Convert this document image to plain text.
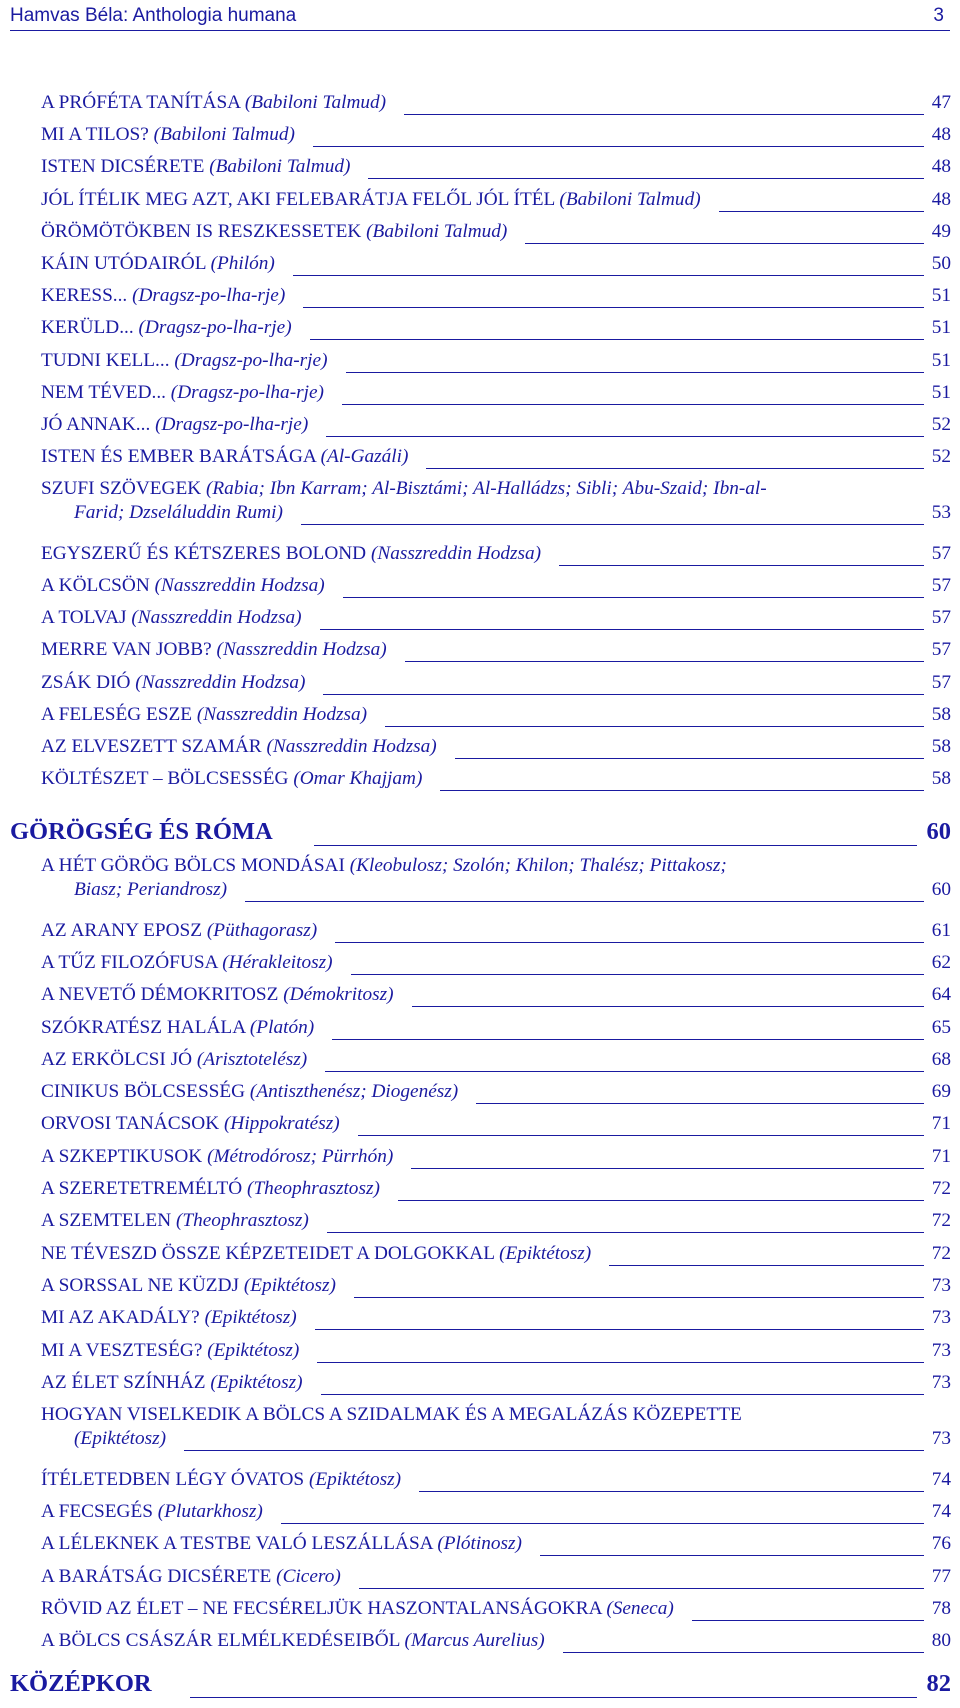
Hamvas Béla: Anthologia humana	3
GÖRÖGSÉG ÉS RÓMA	60
KÖZÉPKOR	82
A PRÓFÉTA TANÍTÁSA (Babiloni Talmud)	47
MI A TILOS? (Babiloni Talmud)	48
ISTEN DICSÉRETE (Babiloni Talmud)	48
JÓL ÍTÉLIK MEG AZT, AKI FELEBARÁTJA FELŐL JÓL ÍTÉL (Babiloni Talmud)	48
ÖRÖMÖTÖKBEN IS RESZKESSETEK (Babiloni Talmud)	49
KÁIN UTÓDAIRÓL (Philón)	50
KERESS... (Dragsz-po-lha-rje)	51
KERÜLD... (Dragsz-po-lha-rje)	51
TUDNI KELL... (Dragsz-po-lha-rje)	51
NEM TÉVED... (Dragsz-po-lha-rje)	51
JÓ ANNAK... (Dragsz-po-lha-rje)	52
ISTEN ÉS EMBER BARÁTSÁGA (Al-Gazáli)	52
SZUFI SZÖVEGEK (Rabia; Ibn Karram; Al-Bisztámi; Al-Halládzs; Sibli; Abu-Szaid; Ibn-al-
Farid; Dzseláluddin Rumi)	53
EGYSZERŰ ÉS KÉTSZERES BOLOND (Nasszreddin Hodzsa)	57
A KÖLCSÖN (Nasszreddin Hodzsa)	57
A TOLVAJ (Nasszreddin Hodzsa)	57
MERRE VAN JOBB? (Nasszreddin Hodzsa)	57
ZSÁK DIÓ (Nasszreddin Hodzsa)	57
A FELESÉG ESZE (Nasszreddin Hodzsa)	58
AZ ELVESZETT SZAMÁR (Nasszreddin Hodzsa)	58
KÖLTÉSZET – BÖLCSESSÉG (Omar Khajjam)	58
A HÉT GÖRÖG BÖLCS MONDÁSAI (Kleobulosz; Szolón; Khilon; Thalész; Pittakosz;
Biasz; Periandrosz)	60
AZ ARANY EPOSZ (Püthagorasz)	61
A TŰZ FILOZÓFUSA (Hérakleitosz)	62
A NEVETŐ DÉMOKRITOSZ (Démokritosz)	64
SZÓKRATÉSZ HALÁLA (Platón)	65
AZ ERKÖLCSI JÓ (Arisztotelész)	68
CINIKUS BÖLCSESSÉG (Antiszthenész; Diogenész)	69
ORVOSI TANÁCSOK (Hippokratész)	71
A SZKEPTIKUSOK (Métrodórosz; Pürrhón)	71
A SZERETETREMÉLTÓ (Theophrasztosz)	72
A SZEMTELEN (Theophrasztosz)	72
NE TÉVESZD ÖSSZE KÉPZETEIDET A DOLGOKKAL (Epiktétosz)	72
A SORSSAL NE KÜZDJ (Epiktétosz)	73
MI AZ AKADÁLY? (Epiktétosz)	73
MI A VESZTESÉG? (Epiktétosz)	73
AZ ÉLET SZÍNHÁZ (Epiktétosz)	73
HOGYAN VISELKEDIK A BÖLCS A SZIDALMAK ÉS A MEGALÁZÁS KÖZEPETTE
(Epiktétosz)	73
ÍTÉLETEDBEN LÉGY ÓVATOS (Epiktétosz)	74
A FECSEGÉS (Plutarkhosz)	74
A LÉLEKNEK A TESTBE VALÓ LESZÁLLÁSA (Plótinosz)	76
A BARÁTSÁG DICSÉRETE (Cicero)	77
RÖVID AZ ÉLET – NE FECSÉRELJÜK HASZONTALANSÁGOKRA (Seneca)	78
A BÖLCS CSÁSZÁR ELMÉLKEDÉSEIBŐL (Marcus Aurelius)	80
